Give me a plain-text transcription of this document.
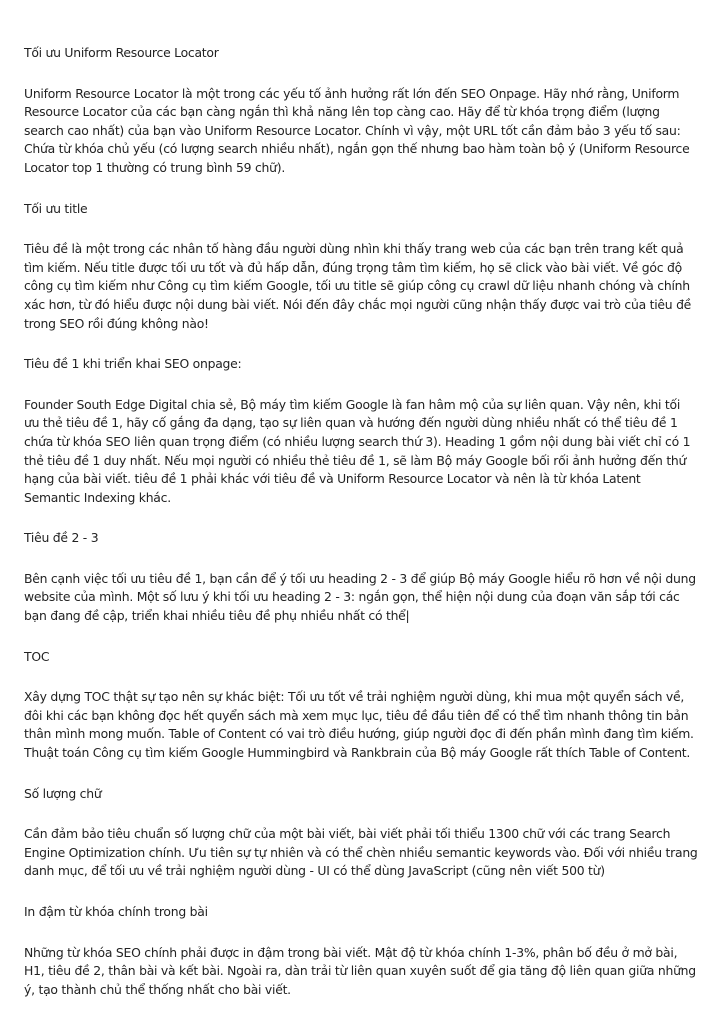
Tối ưu Uniform Resource Locator

Uniform Resource Locator là một trong các yếu tố ảnh hưởng rất lớn đến SEO Onpage. Hãy nhớ rằng, Uniform Resource Locator của các bạn càng ngắn thì khả năng lên top càng cao. Hãy để từ khóa trọng điểm (lượng search cao nhất) của bạn vào Uniform Resource Locator. Chính vì vậy, một URL tốt cần đảm bảo 3 yếu tố sau: Chứa từ khóa chủ yếu (có lượng search nhiều nhất), ngắn gọn thế nhưng bao hàm toàn bộ ý (Uniform Resource Locator top 1 thường có trung bình 59 chữ).

Tối ưu title

Tiêu đề là một trong các nhân tố hàng đầu người dùng nhìn khi thấy trang web của các bạn trên trang kết quả tìm kiếm. Nếu title được tối ưu tốt và đủ hấp dẫn, đúng trọng tâm tìm kiếm, họ sẽ click vào bài viết. Về góc độ công cụ tìm kiếm như Công cụ tìm kiếm Google, tối ưu title sẽ giúp công cụ crawl dữ liệu nhanh chóng và chính xác hơn, từ đó hiểu được nội dung bài viết. Nói đến đây chắc mọi người cũng nhận thấy được vai trò của tiêu đề trong SEO rồi đúng không nào!

Tiêu đề 1 khi triển khai SEO onpage:

Founder South Edge Digital chia sẻ, Bộ máy tìm kiếm Google là fan hâm mộ của sự liên quan. Vậy nên, khi tối ưu thẻ tiêu đề 1, hãy cố gắng đa dạng, tạo sự liên quan và hướng đến người dùng nhiều nhất có thể tiêu đề 1 chứa từ khóa SEO liên quan trọng điểm (có nhiều lượng search thứ 3). Heading 1 gồm nội dung bài viết chỉ có 1 thẻ tiêu đề 1 duy nhất. Nếu mọi người có nhiều thẻ tiêu đề 1, sẽ làm Bộ máy Google bối rối ảnh hưởng đến thứ hạng của bài viết. tiêu đề 1 phải khác với tiêu đề và Uniform Resource Locator và nên là từ khóa Latent Semantic Indexing khác.

Tiêu đề 2 - 3

Bên cạnh việc tối ưu tiêu đề 1, bạn cần để ý tối ưu heading 2 - 3 để giúp Bộ máy Google hiểu rõ hơn về nội dung website của mình. Một số lưu ý khi tối ưu heading 2 - 3: ngắn gọn, thể hiện nội dung của đoạn văn sắp tới các bạn đang đề cập, triển khai nhiều tiêu đề phụ nhiều nhất có thể|

TOC

Xây dựng TOC thật sự tạo nên sự khác biệt: Tối ưu tốt về trải nghiệm người dùng, khi mua một quyển sách về, đôi khi các bạn không đọc hết quyển sách mà xem mục lục, tiêu đề đầu tiên để có thể tìm nhanh thông tin bản thân mình mong muốn. Table of Content có vai trò điều hướng, giúp người đọc đi đến phần mình đang tìm kiếm. Thuật toán Công cụ tìm kiếm Google Hummingbird và Rankbrain của Bộ máy Google rất thích Table of Content.

Số lượng chữ

Cần đảm bảo tiêu chuẩn số lượng chữ của một bài viết, bài viết phải tối thiểu 1300 chữ với các trang Search Engine Optimization chính. Ưu tiên sự tự nhiên và có thể chèn nhiều semantic keywords vào. Đối với nhiều trang danh mục, để tối ưu về trải nghiệm người dùng - UI có thể dùng JavaScript (cũng nên viết 500 từ)

In đậm từ khóa chính trong bài

Những từ khóa SEO chính phải được in đậm trong bài viết. Mật độ từ khóa chính 1-3%, phân bố đều ở mở bài, H1, tiêu đề 2, thân bài và kết bài. Ngoài ra, dàn trải từ liên quan xuyên suốt để gia tăng độ liên quan giữa những ý, tạo thành chủ thể thống nhất cho bài viết.
